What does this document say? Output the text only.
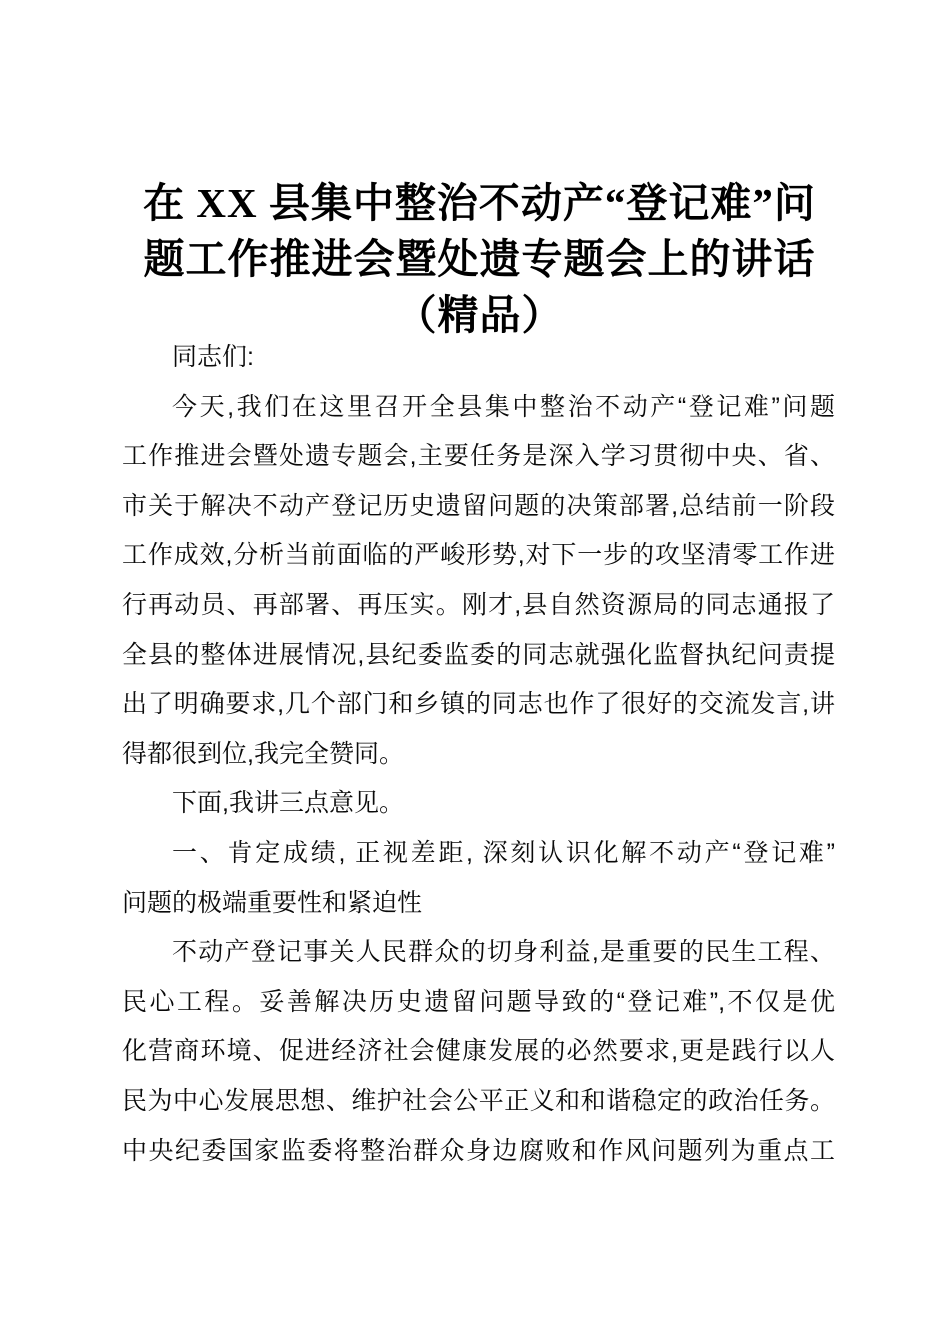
在 XX 县集中整治不动产“登记难”问
题工作推进会暨处遗专题会上的讲话
（精品）
同志们:
今天,我们在这里召开全县集中整治不动产“登记难”问题
工作推进会暨处遗专题会,主要任务是深入学习贯彻中央、省、
市关于解决不动产登记历史遗留问题的决策部署,总结前一阶段
工作成效,分析当前面临的严峻形势,对下一步的攻坚清零工作进
行再动员、再部署、再压实。刚才,县自然资源局的同志通报了
全县的整体进展情况,县纪委监委的同志就强化监督执纪问责提
出了明确要求,几个部门和乡镇的同志也作了很好的交流发言,讲
得都很到位,我完全赞同。
下面,我讲三点意见。
一、肯定成绩, 正视差距, 深刻认识化解不动产“登记难”
问题的极端重要性和紧迫性
不动产登记事关人民群众的切身利益,是重要的民生工程、
民心工程。妥善解决历史遗留问题导致的“登记难”,不仅是优
化营商环境、促进经济社会健康发展的必然要求,更是践行以人
民为中心发展思想、维护社会公平正义和和谐稳定的政治任务。
中央纪委国家监委将整治群众身边腐败和作风问题列为重点工
